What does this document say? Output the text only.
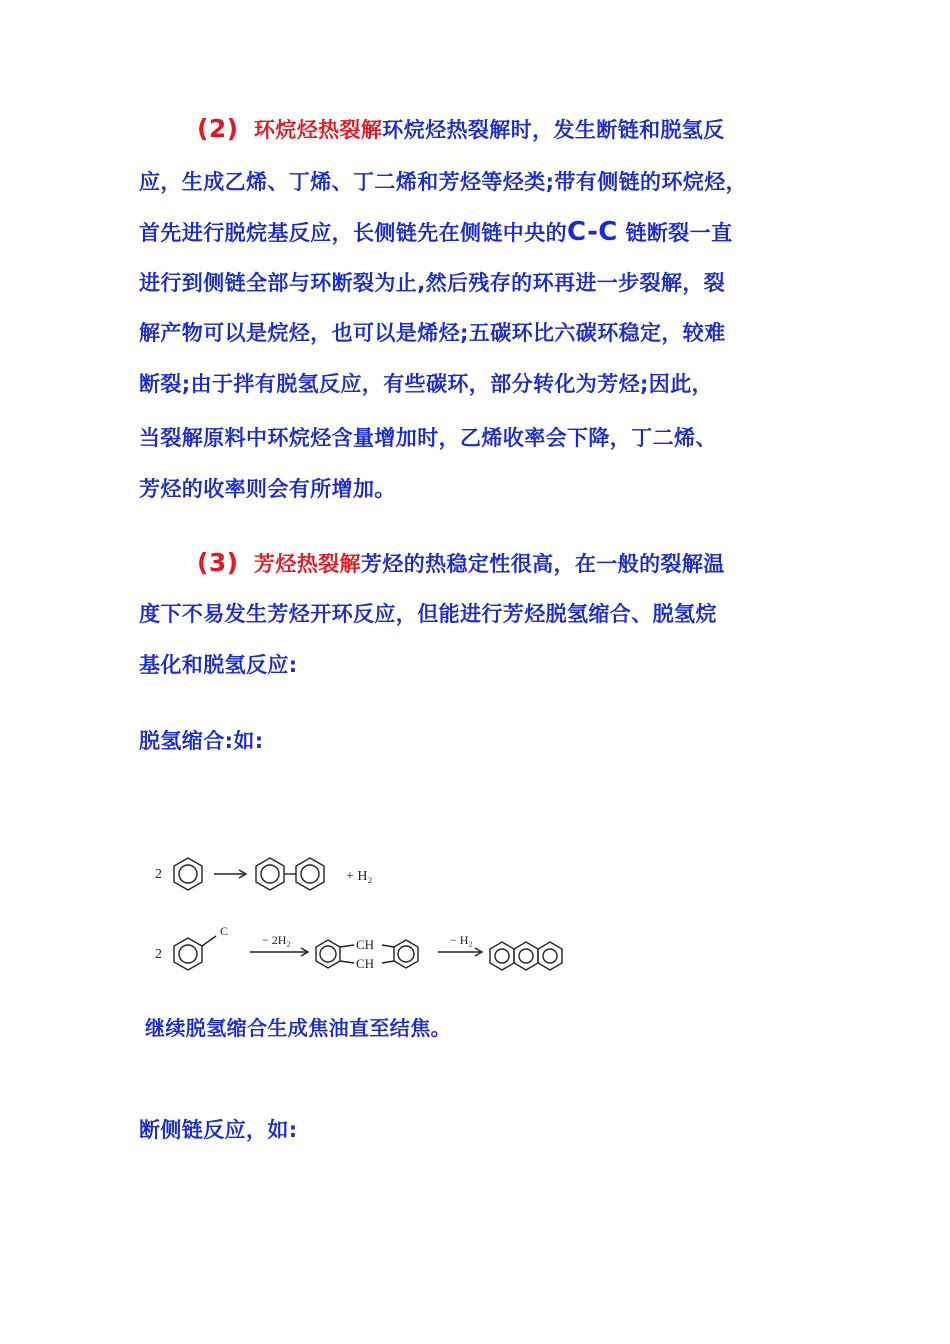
(2) 环烷烃热裂解环烷烃热裂解时，发生断链和脱氢反
应，生成乙烯、丁烯、丁二烯和芳烃等烃类;带有侧链的环烷烃，
首先进行脱烷基反应，长侧链先在侧链中央的C-C 链断裂一直
进行到侧链全部与环断裂为止,然后残存的环再进一步裂解，裂
解产物可以是烷烃，也可以是烯烃;五碳环比六碳环稳定，较难
断裂;由于拌有脱氢反应，有些碳环，部分转化为芳烃;因此，
当裂解原料中环烷烃含量增加时，乙烯收率会下降，丁二烯、
芳烃的收率则会有所增加。
(3) 芳烃热裂解芳烃的热稳定性很高，在一般的裂解温
度下不易发生芳烃开环反应，但能进行芳烃脱氢缩合、脱氢烷
基化和脱氢反应:
脱氢缩合:如:
2	+ H₂
2
C
− 2H₂	CH
CH
− H₂
继续脱氢缩合生成焦油直至结焦。
断侧链反应，如:
